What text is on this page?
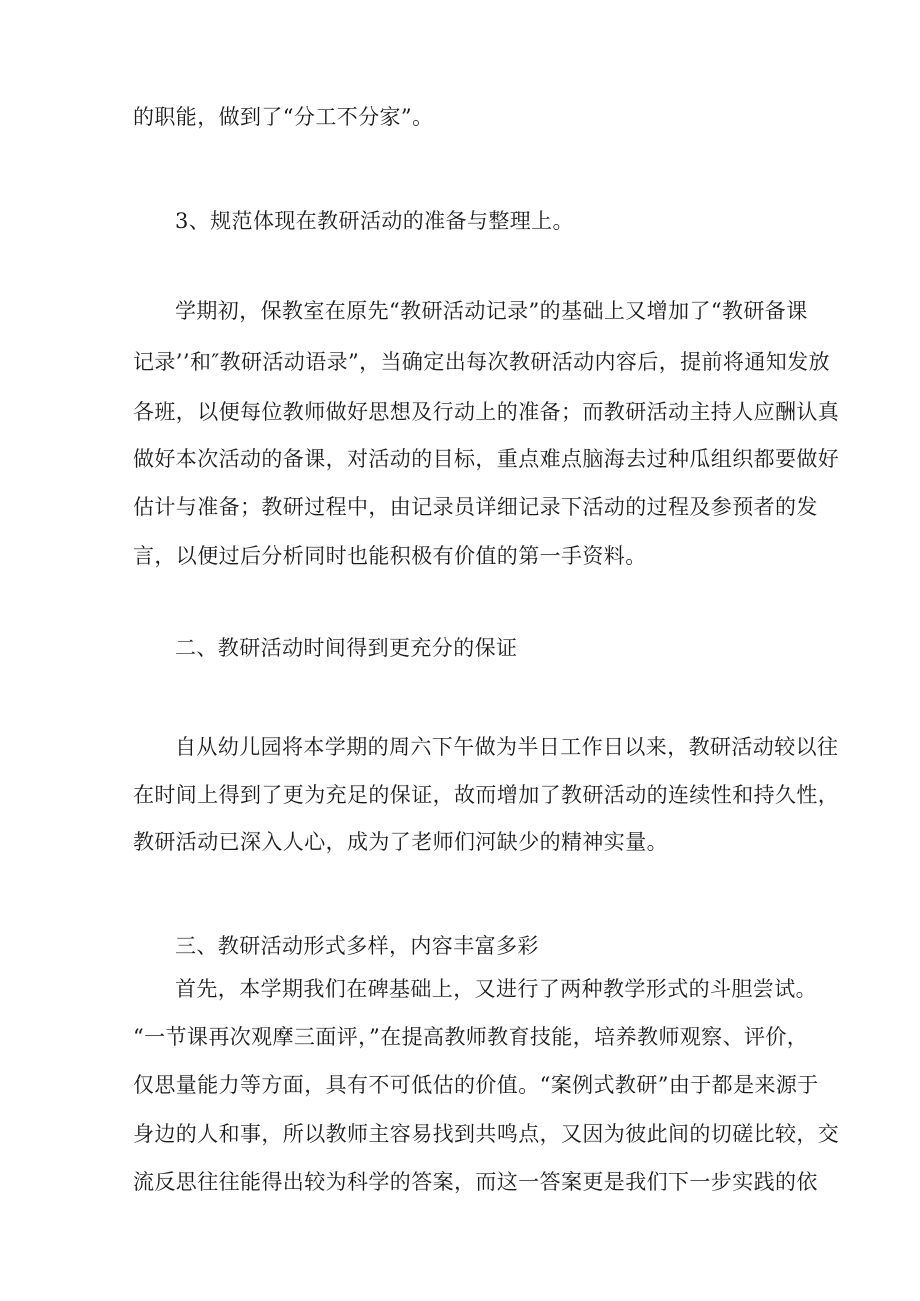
的职能，做到了“分工不分家”。
3、规范体现在教研活动的准备与整理上。
学期初，保教室在原先“教研活动记录”的基础上又增加了“教研备课
记录’’和″教研活动语录”，当确定出每次教研活动内容后，提前将通知发放
各班，以便每位教师做好思想及行动上的准备；而教研活动主持人应酬认真
做好本次活动的备课，对活动的目标，重点难点脑海去过种瓜组织都要做好
估计与准备；教研过程中，由记录员详细记录下活动的过程及参预者的发
言，以便过后分析同时也能积极有价值的第一手资料。
二、教研活动时间得到更充分的保证
自从幼儿园将本学期的周六下午做为半日工作日以来，教研活动较以往
在时间上得到了更为充足的保证，故而增加了教研活动的连续性和持久性，
教研活动已深入人心，成为了老师们河缺少的精神实量。
三、教研活动形式多样，内容丰富多彩
首先，本学期我们在碑基础上，又进行了两种教学形式的斗胆尝试。
“一节课再次观摩三面评，”在提高教师教育技能，培养教师观察、评价，
仅思量能力等方面，具有不可低估的价值。“案例式教研”由于都是来源于
身边的人和事，所以教师主容易找到共鸣点，又因为彼此间的切磋比较，交
流反思往往能得出较为科学的答案，而这一答案更是我们下一步实践的依
